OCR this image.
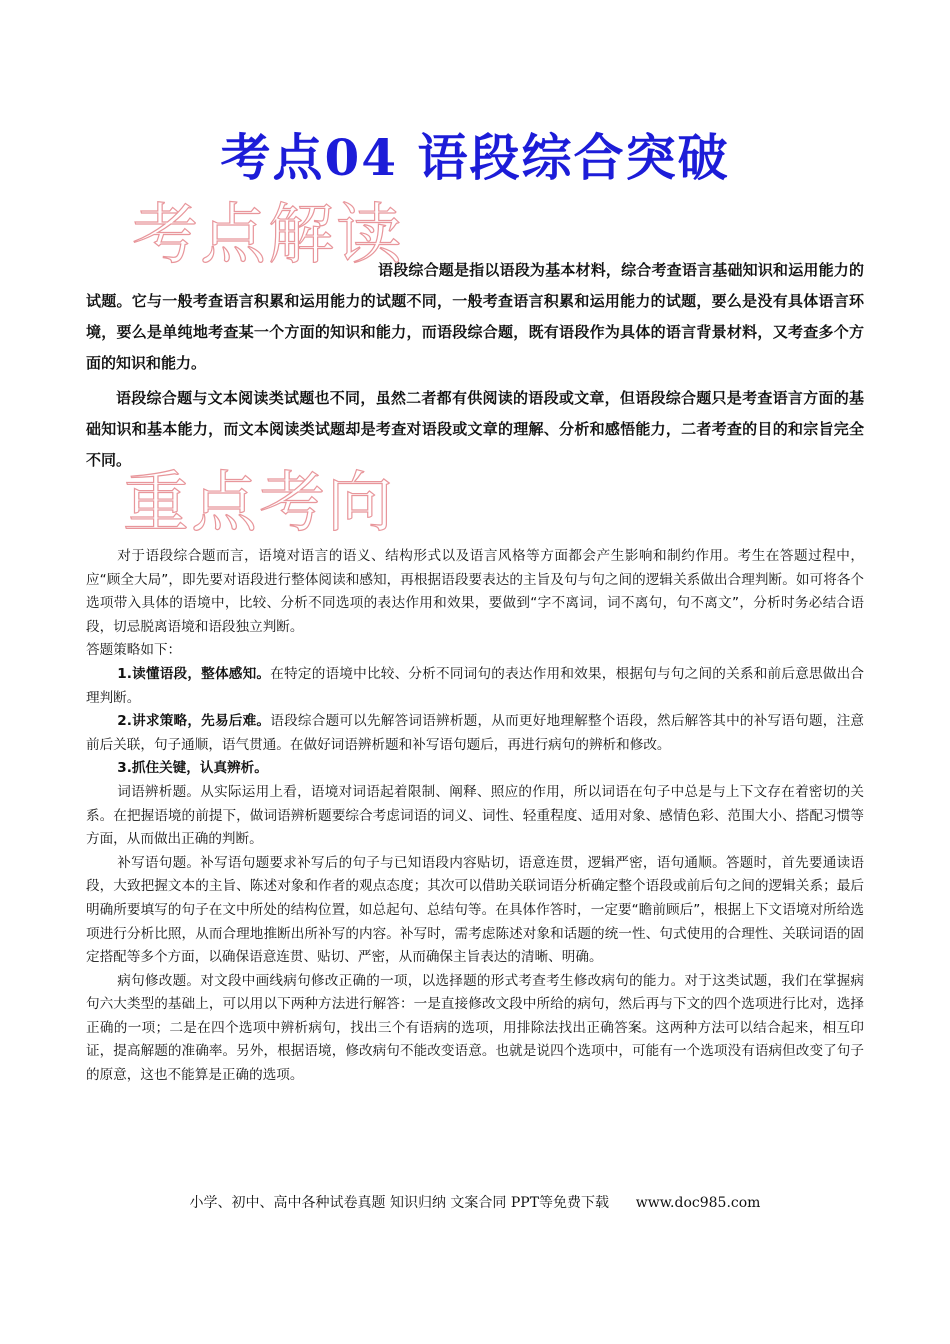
考点04 语段综合突破
考点解读

语段综合题是指以语段为基本材料，综合考查语言基础知识和运用能力的试题。它与一般考查语言积累和运用能力的试题不同，一般考查语言积累和运用能力的试题，要么是没有具体语言环境，要么是单纯地考查某一个方面的知识和能力，而语段综合题，既有语段作为具体的语言背景材料，又考查多个方面的知识和能力。

语段综合题与文本阅读类试题也不同，虽然二者都有供阅读的语段或文章，但语段综合题只是考查语言方面的基础知识和基本能力，而文本阅读类试题却是考查对语段或文章的理解、分析和感悟能力，二者考查的目的和宗旨完全不同。

重点考向

对于语段综合题而言，语境对语言的语义、结构形式以及语言风格等方面都会产生影响和制约作用。考生在答题过程中，应“顾全大局”，即先要对语段进行整体阅读和感知，再根据语段要表达的主旨及句与句之间的逻辑关系做出合理判断。如可将各个选项带入具体的语境中，比较、分析不同选项的表达作用和效果，要做到“字不离词，词不离句，句不离文”，分析时务必结合语段，切忌脱离语境和语段独立判断。

答题策略如下：

1.读懂语段，整体感知。在特定的语境中比较、分析不同词句的表达作用和效果，根据句与句之间的关系和前后意思做出合理判断。

2.讲求策略，先易后难。语段综合题可以先解答词语辨析题，从而更好地理解整个语段，然后解答其中的补写语句题，注意前后关联，句子通顺，语气贯通。在做好词语辨析题和补写语句题后，再进行病句的辨析和修改。

3.抓住关键，认真辨析。

词语辨析题。从实际运用上看，语境对词语起着限制、阐释、照应的作用，所以词语在句子中总是与上下文存在着密切的关系。在把握语境的前提下，做词语辨析题要综合考虑词语的词义、词性、轻重程度、适用对象、感情色彩、范围大小、搭配习惯等方面，从而做出正确的判断。

补写语句题。补写语句题要求补写后的句子与已知语段内容贴切，语意连贯，逻辑严密，语句通顺。答题时，首先要通读语段，大致把握文本的主旨、陈述对象和作者的观点态度；其次可以借助关联词语分析确定整个语段或前后句之间的逻辑关系；最后明确所要填写的句子在文中所处的结构位置，如总起句、总结句等。在具体作答时，一定要“瞻前顾后”，根据上下文语境对所给选项进行分析比照，从而合理地推断出所补写的内容。补写时，需考虑陈述对象和话题的统一性、句式使用的合理性、关联词语的固定搭配等多个方面，以确保语意连贯、贴切、严密，从而确保主旨表达的清晰、明确。

病句修改题。对文段中画线病句修改正确的一项，以选择题的形式考查考生修改病句的能力。对于这类试题，我们在掌握病句六大类型的基础上，可以用以下两种方法进行解答：一是直接修改文段中所给的病句，然后再与下文的四个选项进行比对，选择正确的一项；二是在四个选项中辨析病句，找出三个有语病的选项，用排除法找出正确答案。这两种方法可以结合起来，相互印证，提高解题的准确率。另外，根据语境，修改病句不能改变语意。也就是说四个选项中，可能有一个选项没有语病但改变了句子的原意，这也不能算是正确的选项。

小学、初中、高中各种试卷真题 知识归纳 文案合同 PPT等免费下载 www.doc985.com
